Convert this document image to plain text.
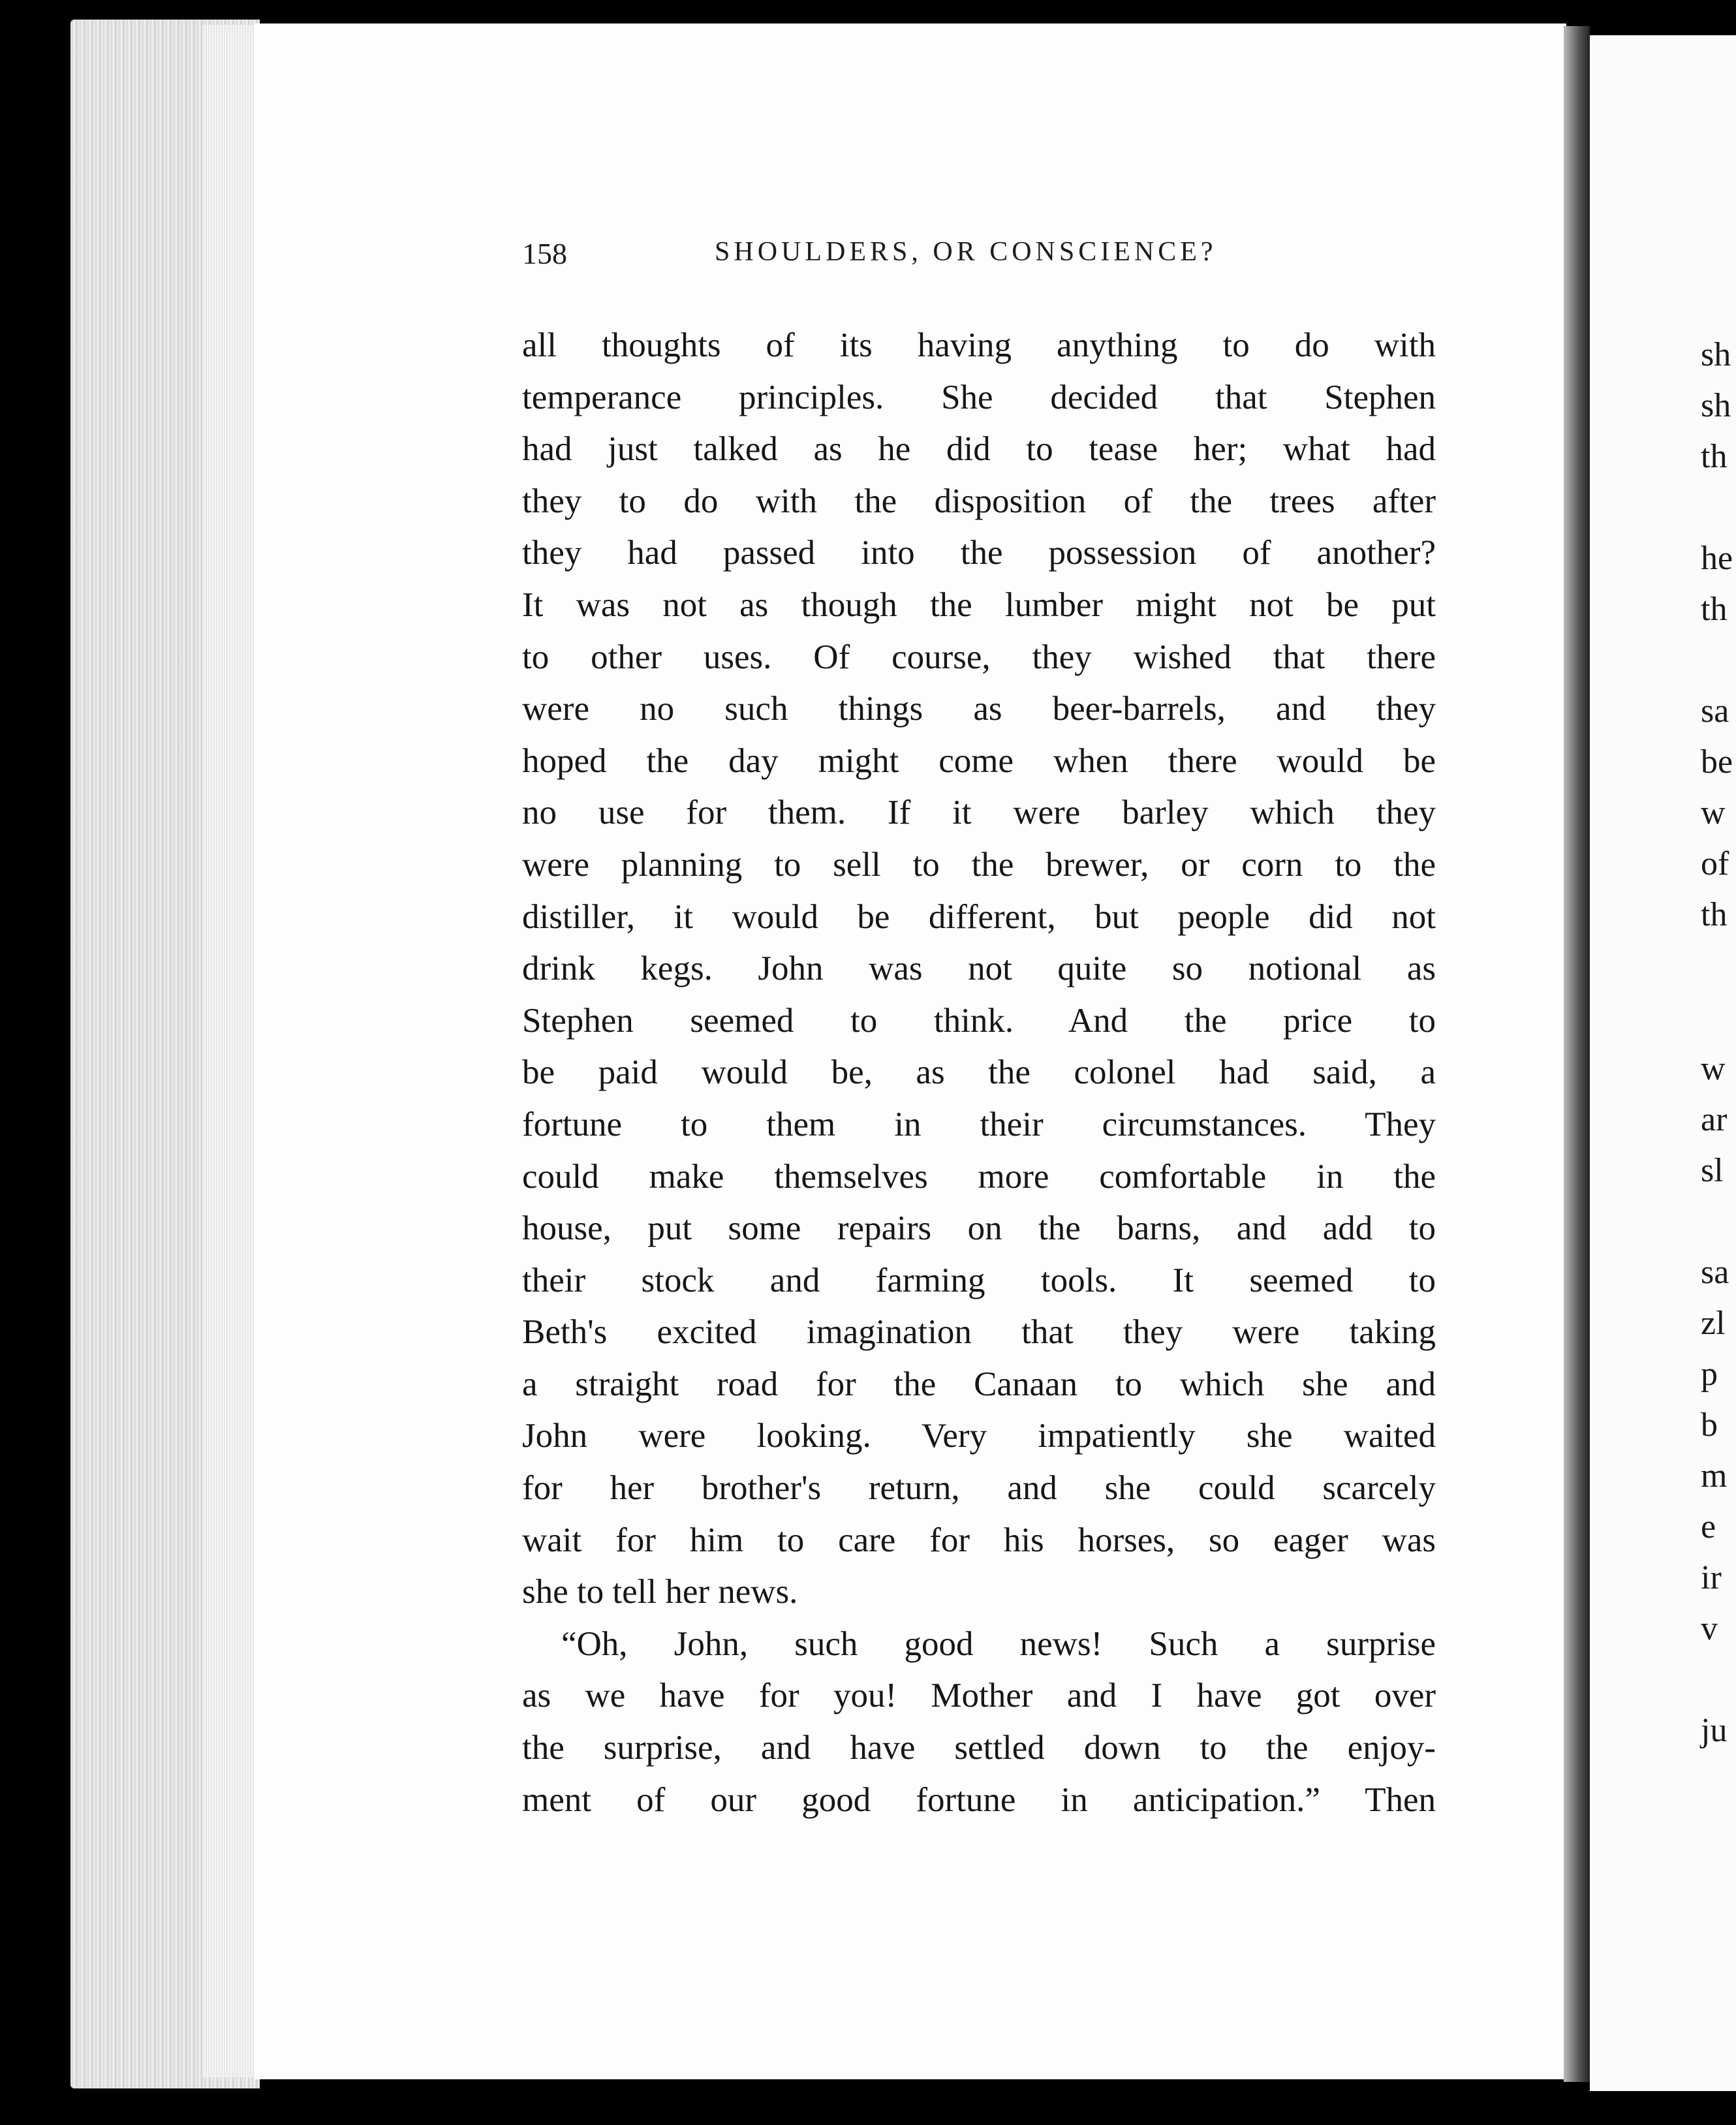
158	SHOULDERS, OR CONSCIENCE?
all thoughts of its having anything to do with
temperance principles. She decided that Stephen
had just talked as he did to tease her; what had
they to do with the disposition of the trees after
they had passed into the possession of another?
It was not as though the lumber might not be put
to other uses. Of course, they wished that there
were no such things as beer-barrels, and they
hoped the day might come when there would be
no use for them. If it were barley which they
were planning to sell to the brewer, or corn to the
distiller, it would be different, but people did not
drink kegs. John was not quite so notional as
Stephen seemed to think. And the price to
be paid would be, as the colonel had said, a
fortune to them in their circumstances. They
could make themselves more comfortable in the
house, put some repairs on the barns, and add to
their stock and farming tools. It seemed to
Beth's excited imagination that they were taking
a straight road for the Canaan to which she and
John were looking. Very impatiently she waited
for her brother's return, and she could scarcely
wait for him to care for his horses, so eager was
she to tell her news.
“Oh, John, such good news! Such a surprise
as we have for you! Mother and I have got over
the surprise, and have settled down to the enjoy-
ment of our good fortune in anticipation.” Then
sh
sh
th
he
th
sa
be
w
of
th
w
ar
sl
sa
zl
p
b
m
e
ir
v
ju
